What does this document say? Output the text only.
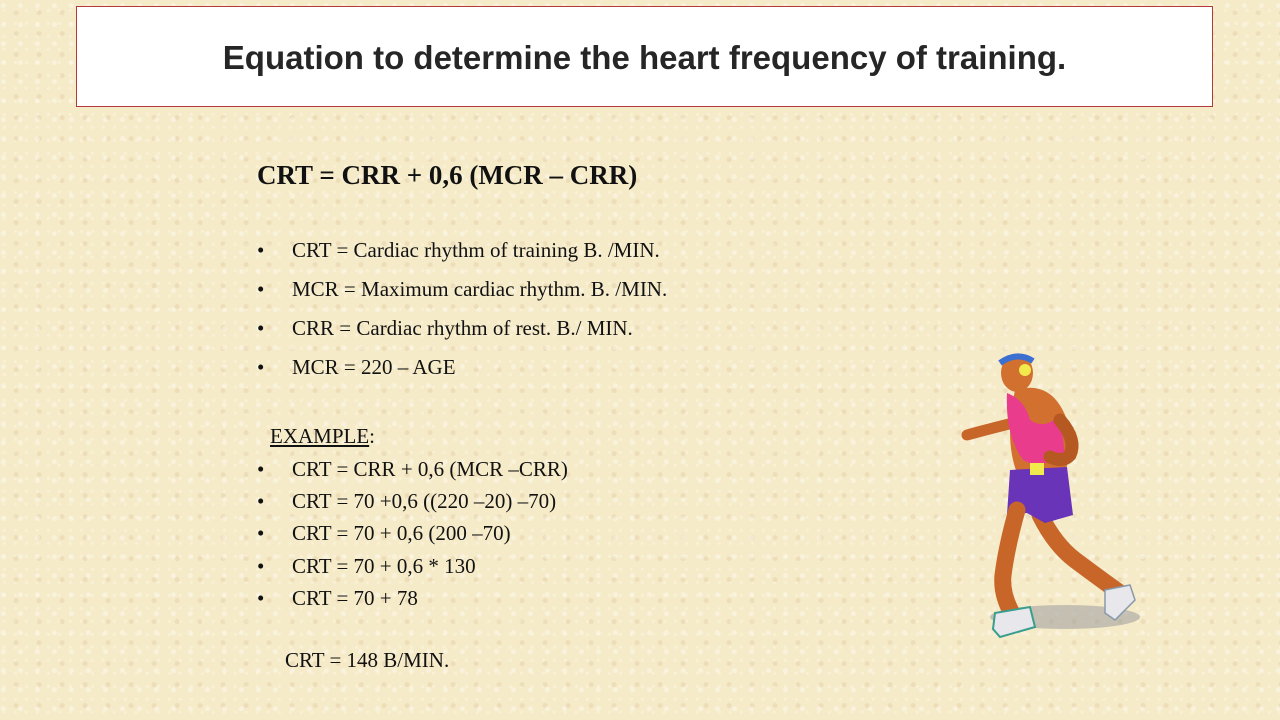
Equation to determine the heart frequency of training.

CRT = CRR + 0,6 (MCR – CRR)

• CRT = Cardiac rhythm of training B. /MIN.
• MCR = Maximum cardiac rhythm. B. /MIN.
• CRR = Cardiac rhythm of rest. B./ MIN.
• MCR = 220 – AGE

EXAMPLE:

• CRT = CRR + 0,6 (MCR –CRR)
• CRT = 70 +0,6 ((220 –20) –70)
• CRT = 70 + 0,6 (200 –70)
• CRT = 70 + 0,6 * 130
• CRT = 70 + 78

CRT = 148 B/MIN.
